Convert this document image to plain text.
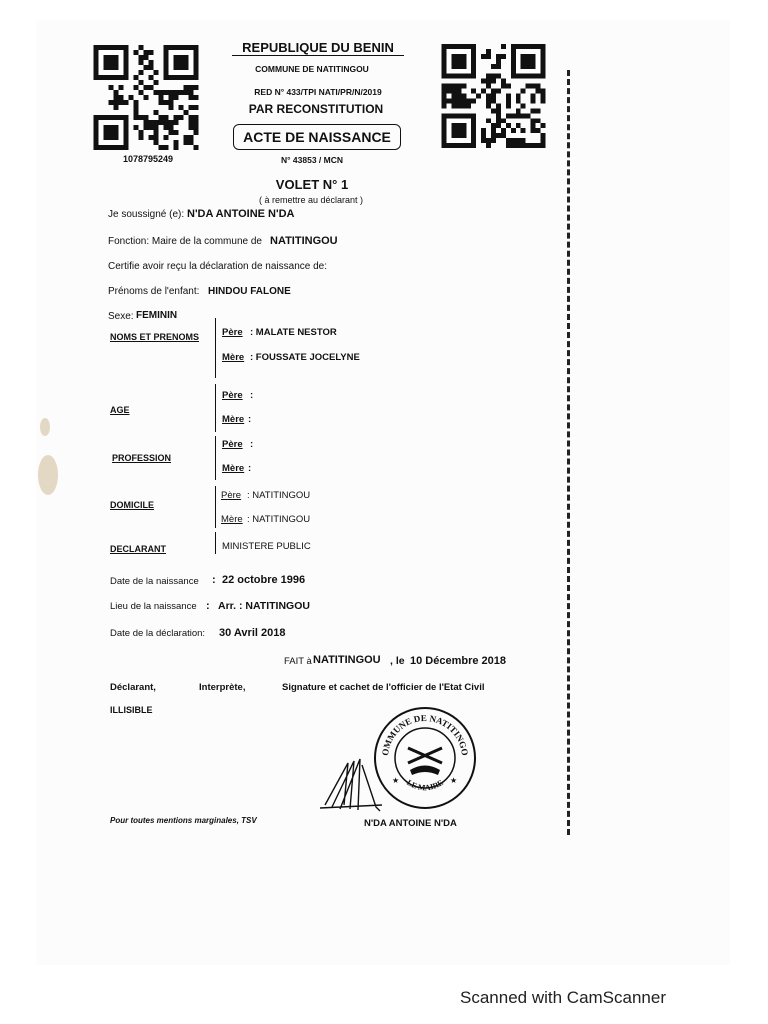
1078795249
REPUBLIQUE DU BENIN
COMMUNE DE NATITINGOU
RED N° 433/TPI NATI/PR/N/2019
PAR RECONSTITUTION
ACTE DE NAISSANCE
N° 43853 / MCN
VOLET N° 1
( à remettre au déclarant )
Je soussigné (e): N'DA ANTOINE N'DA
Fonction: Maire de la commune de NATITINGOU
Certifie avoir reçu la déclaration de naissance de:
Prénoms de l'enfant: HINDOU FALONE
Sexe: FEMININ
NOMS ET PRENOMS Père : MALATE NESTOR
Mère : FOUSSATE JOCELYNE
AGE
Père :
Mère :
PROFESSION
Père :
Mère :
DOMICILE
Père : NATITINGOU
Mère : NATITINGOU
DECLARANT	MINISTERE PUBLIC
Date de la naissance : 22 octobre 1996
Lieu de la naissance : Arr. : NATITINGOU
Date de la déclaration: 30 Avril 2018
FAIT à NATITINGOU , le 10 Décembre 2018
Déclarant,	Interprète,	Signature et cachet de l'officier de l'Etat Civil
ILLISIBLE
OMMUNE DE NATITINGO
LE MAIRE
★	★
Pour toutes mentions marginales, TSV	N'DA ANTOINE N'DA
Scanned with CamScanner
